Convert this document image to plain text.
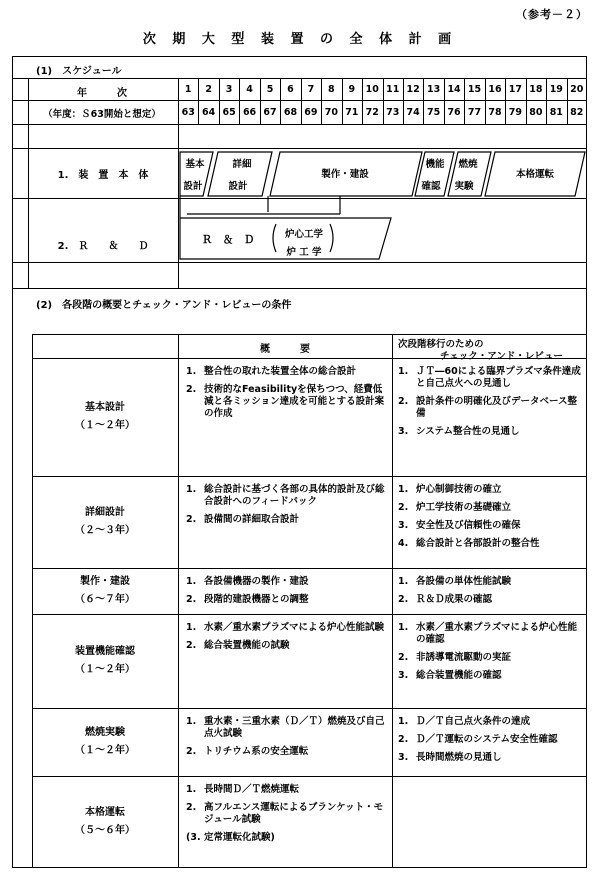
（参考－２）
次 期 大 型 装 置 の 全 体 計 画
(1)　スケジュール
年　　　次
（年度：Ｓ63開始と想定）
1
63
2
64
3
65
4
66
5
67
6
68
7
69
8
70
9
71
10
72
11
73
12
74
13
75
14
76
15
77
16
78
17
79
18
80
19
81
20
82
1.　装　置　本　体
2.　Ｒ　　＆　　Ｄ
基本
設計
詳細
設計
製作・建設
機能
確認
燃焼
実験
本格運転
Ｒ　＆　Ｄ	炉心工学
炉 工 学
(2)　各段階の概要とチェック・アンド・レビューの条件
概　　　要	次段階移行のための
チェック・アンド・レビュー
基本設計
（１～２年）
1. 整合性の取れた装置全体の総合設計
2. 技術的なFeasibilityを保ちつつ、経費低減と各ミッション達成を可能とする設計案の作成
1. ＪＴ―60による臨界プラズマ条件達成と自己点火への見通し
2. 設計条件の明確化及びデータベース整備
3. システム整合性の見通し
詳細設計
（２～３年）
1. 総合設計に基づく各部の具体的設計及び総合設計へのフィードバック
2. 設備間の詳細取合設計
1. 炉心制御技術の確立
2. 炉工学技術の基礎確立
3. 安全性及び信頼性の確保
4. 総合設計と各部設計の整合性
製作・建設
（６～７年）
1. 各設備機器の製作・建設
2. 段階的建設機器との調整
1. 各設備の単体性能試験
2. Ｒ＆Ｄ成果の確認
装置機能確認
（１～２年）
1. 水素／重水素プラズマによる炉心性能試験
2. 総合装置機能の試験
1. 水素／重水素プラズマによる炉心性能の確認
2. 非誘導電流駆動の実証
3. 総合装置機能の確認
燃焼実験
（１～２年）
1. 重水素・三重水素（Ｄ／Ｔ）燃焼及び自己点火試験
2. トリチウム系の安全運転
1. Ｄ／Ｔ自己点火条件の達成
2. Ｄ／Ｔ運転のシステム安全性確認
3. 長時間燃焼の見通し
本格運転
（５～６年）
1. 長時間Ｄ／Ｔ燃焼運転
2. 高フルエンス運転によるブランケット・モジュール試験
(3. 定常運転化試験)
